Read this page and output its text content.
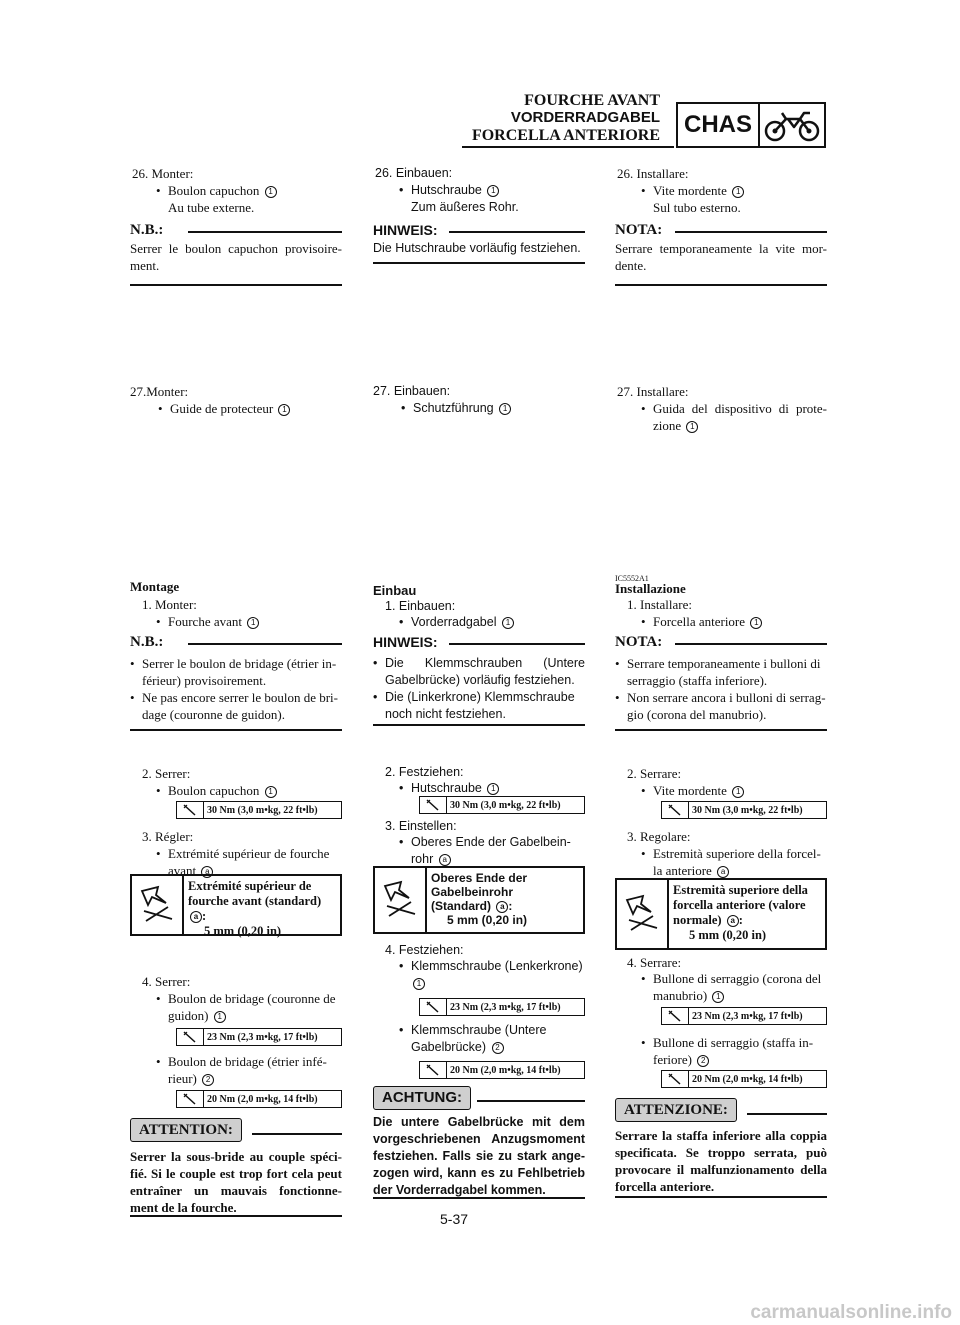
FOURCHE AVANT
VORDERRADGABEL
FORCELLA ANTERIORE CHAS
26. Monter:
• Boulon capuchon 1
Au tube externe.
N.B.:
Serrer le boulon capuchon provisoire-ment.
27.Monter:
• Guide de protecteur 1
Montage
1. Monter:
• Fourche avant 1
N.B.:
• Serrer le boulon de bridage (étrier in-férieur) provisoirement.
• Ne pas encore serrer le boulon de bri-dage (couronne de guidon).
2. Serrer:
• Boulon capuchon 1
30 Nm (3,0 m•kg, 22 ft•lb)
3. Régler:
• Extrémité supérieur de fourche avant a
Extrémité supérieur de
fourche avant (standard) a :
5 mm (0,20 in)
4. Serrer:
• Boulon de bridage (couronne de guidon) 1
23 Nm (2,3 m•kg, 17 ft•lb)
• Boulon de bridage (étrier infé-rieur) 2
20 Nm (2,0 m•kg, 14 ft•lb)
ATTENTION:
Serrer la sous-bride au couple spéci-fié. Si le couple est trop fort cela peut entraîner un mauvais fonctionne-ment de la fourche.
26. Einbauen:
• Hutschraube 1
Zum äußeres Rohr.
HINWEIS:
Die Hutschraube vorläufig festziehen.
27. Einbauen:
• Schutzführung 1
Einbau
1. Einbauen:
• Vorderradgabel 1
HINWEIS:
• Die Klemmschrauben (Untere Gabelbrücke) vorläufig festziehen.
• Die (Linkerkrone) Klemmschraube noch nicht festziehen.
2. Festziehen:
• Hutschraube 1
30 Nm (3,0 m•kg, 22 ft•lb)
3. Einstellen:
• Oberes Ende der Gabelbein-rohr a
Oberes Ende der
Gabelbeinrohr
(Standard) a :
5 mm (0,20 in)
4. Festziehen:
• Klemmschraube (Lenkerkrone)
1
23 Nm (2,3 m•kg, 17 ft•lb)
• Klemmschraube (Untere Gabelbrücke) 2
20 Nm (2,0 m•kg, 14 ft•lb)
ACHTUNG:
Die untere Gabelbrücke mit dem vorgeschriebenen Anzugsmoment festziehen. Falls sie zu stark ange-zogen wird, kann es zu Fehlbetrieb der Vorderradgabel kommen.
26. Installare:
• Vite mordente 1
Sul tubo esterno.
NOTA:
Serrare temporaneamente la vite mor-dente.
27. Installare:
• Guida del dispositivo di prote-zione 1
IC5552A1
Installazione
1. Installare:
• Forcella anteriore 1
NOTA:
• Serrare temporaneamente i bulloni di serraggio (staffa inferiore).
• Non serrare ancora i bulloni di serrag-gio (corona del manubrio).
2. Serrare:
• Vite mordente 1
30 Nm (3,0 m•kg, 22 ft•lb)
3. Regolare:
• Estremità superiore della forcel-la anteriore a
Estremità superiore della
forcella anteriore (valore
normale) a :
5 mm (0,20 in)
4. Serrare:
• Bullone di serraggio (corona del manubrio) 1
23 Nm (2,3 m•kg, 17 ft•lb)
• Bullone di serraggio (staffa in-feriore) 2
20 Nm (2,0 m•kg, 14 ft•lb)
ATTENZIONE:
Serrare la staffa inferiore alla coppia specificata. Se troppo serrata, può provocare il malfunzionamento della forcella anteriore.
5-37
carmanualsonline.info
